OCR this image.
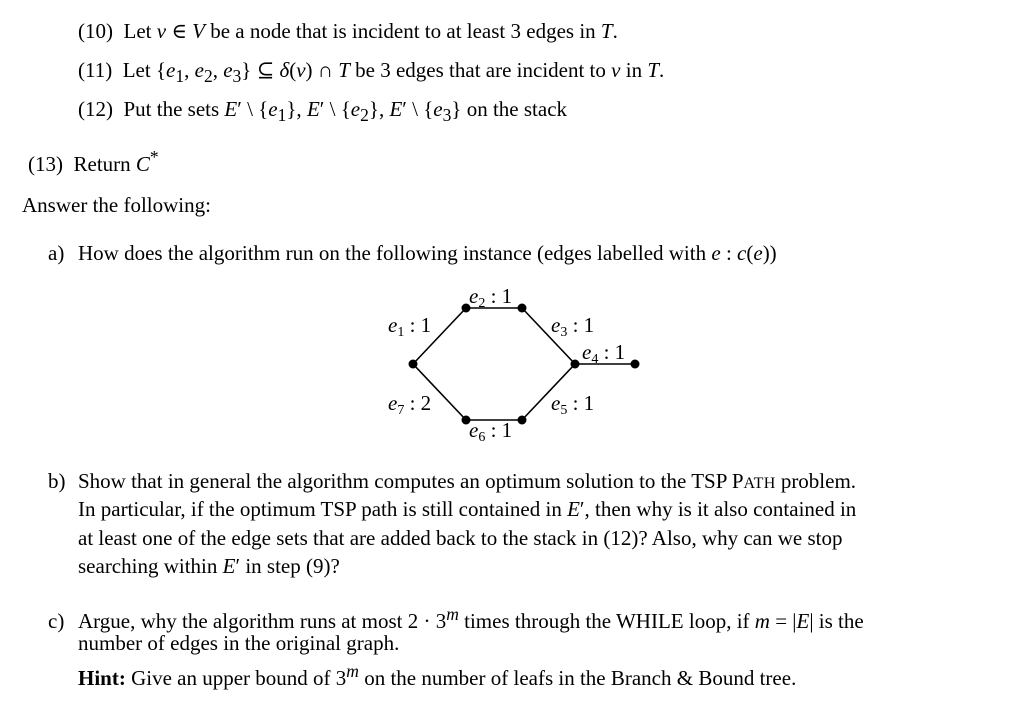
(10) Let v ∈ V be a node that is incident to at least 3 edges in T.
(11) Let {$e_1$, $e_2$, $e_3$} ⊆ δ(v) ∩ T be 3 edges that are incident to v in T.
(12) Put the sets E′ \ $\{e_1\}$, E′ \ $\{e_2\}$, E′ \ $\{e_3\}$ on the stack
(13) Return C*
Answer the following:
a) How does the algorithm run on the following instance (edges labelled with e : c(e))
e1 : 1
e2 : 1
e3 : 1
e4 : 1
e5 : 1
e6 : 1
e7 : 2
b) Show that in general the algorithm computes an optimum solution to the TSP PATH problem.
In particular, if the optimum TSP path is still contained in E′, then why is it also contained in
at least one of the edge sets that are added back to the stack in (12)? Also, why can we stop
searching within E′ in step (9)?
c) Argue, why the algorithm runs at most $2 \cdot 3^m$ times through the WHILE loop, if m = |E| is the
number of edges in the original graph.
Hint: Give an upper bound of 3$^m$ on the number of leafs in the Branch & Bound tree.
